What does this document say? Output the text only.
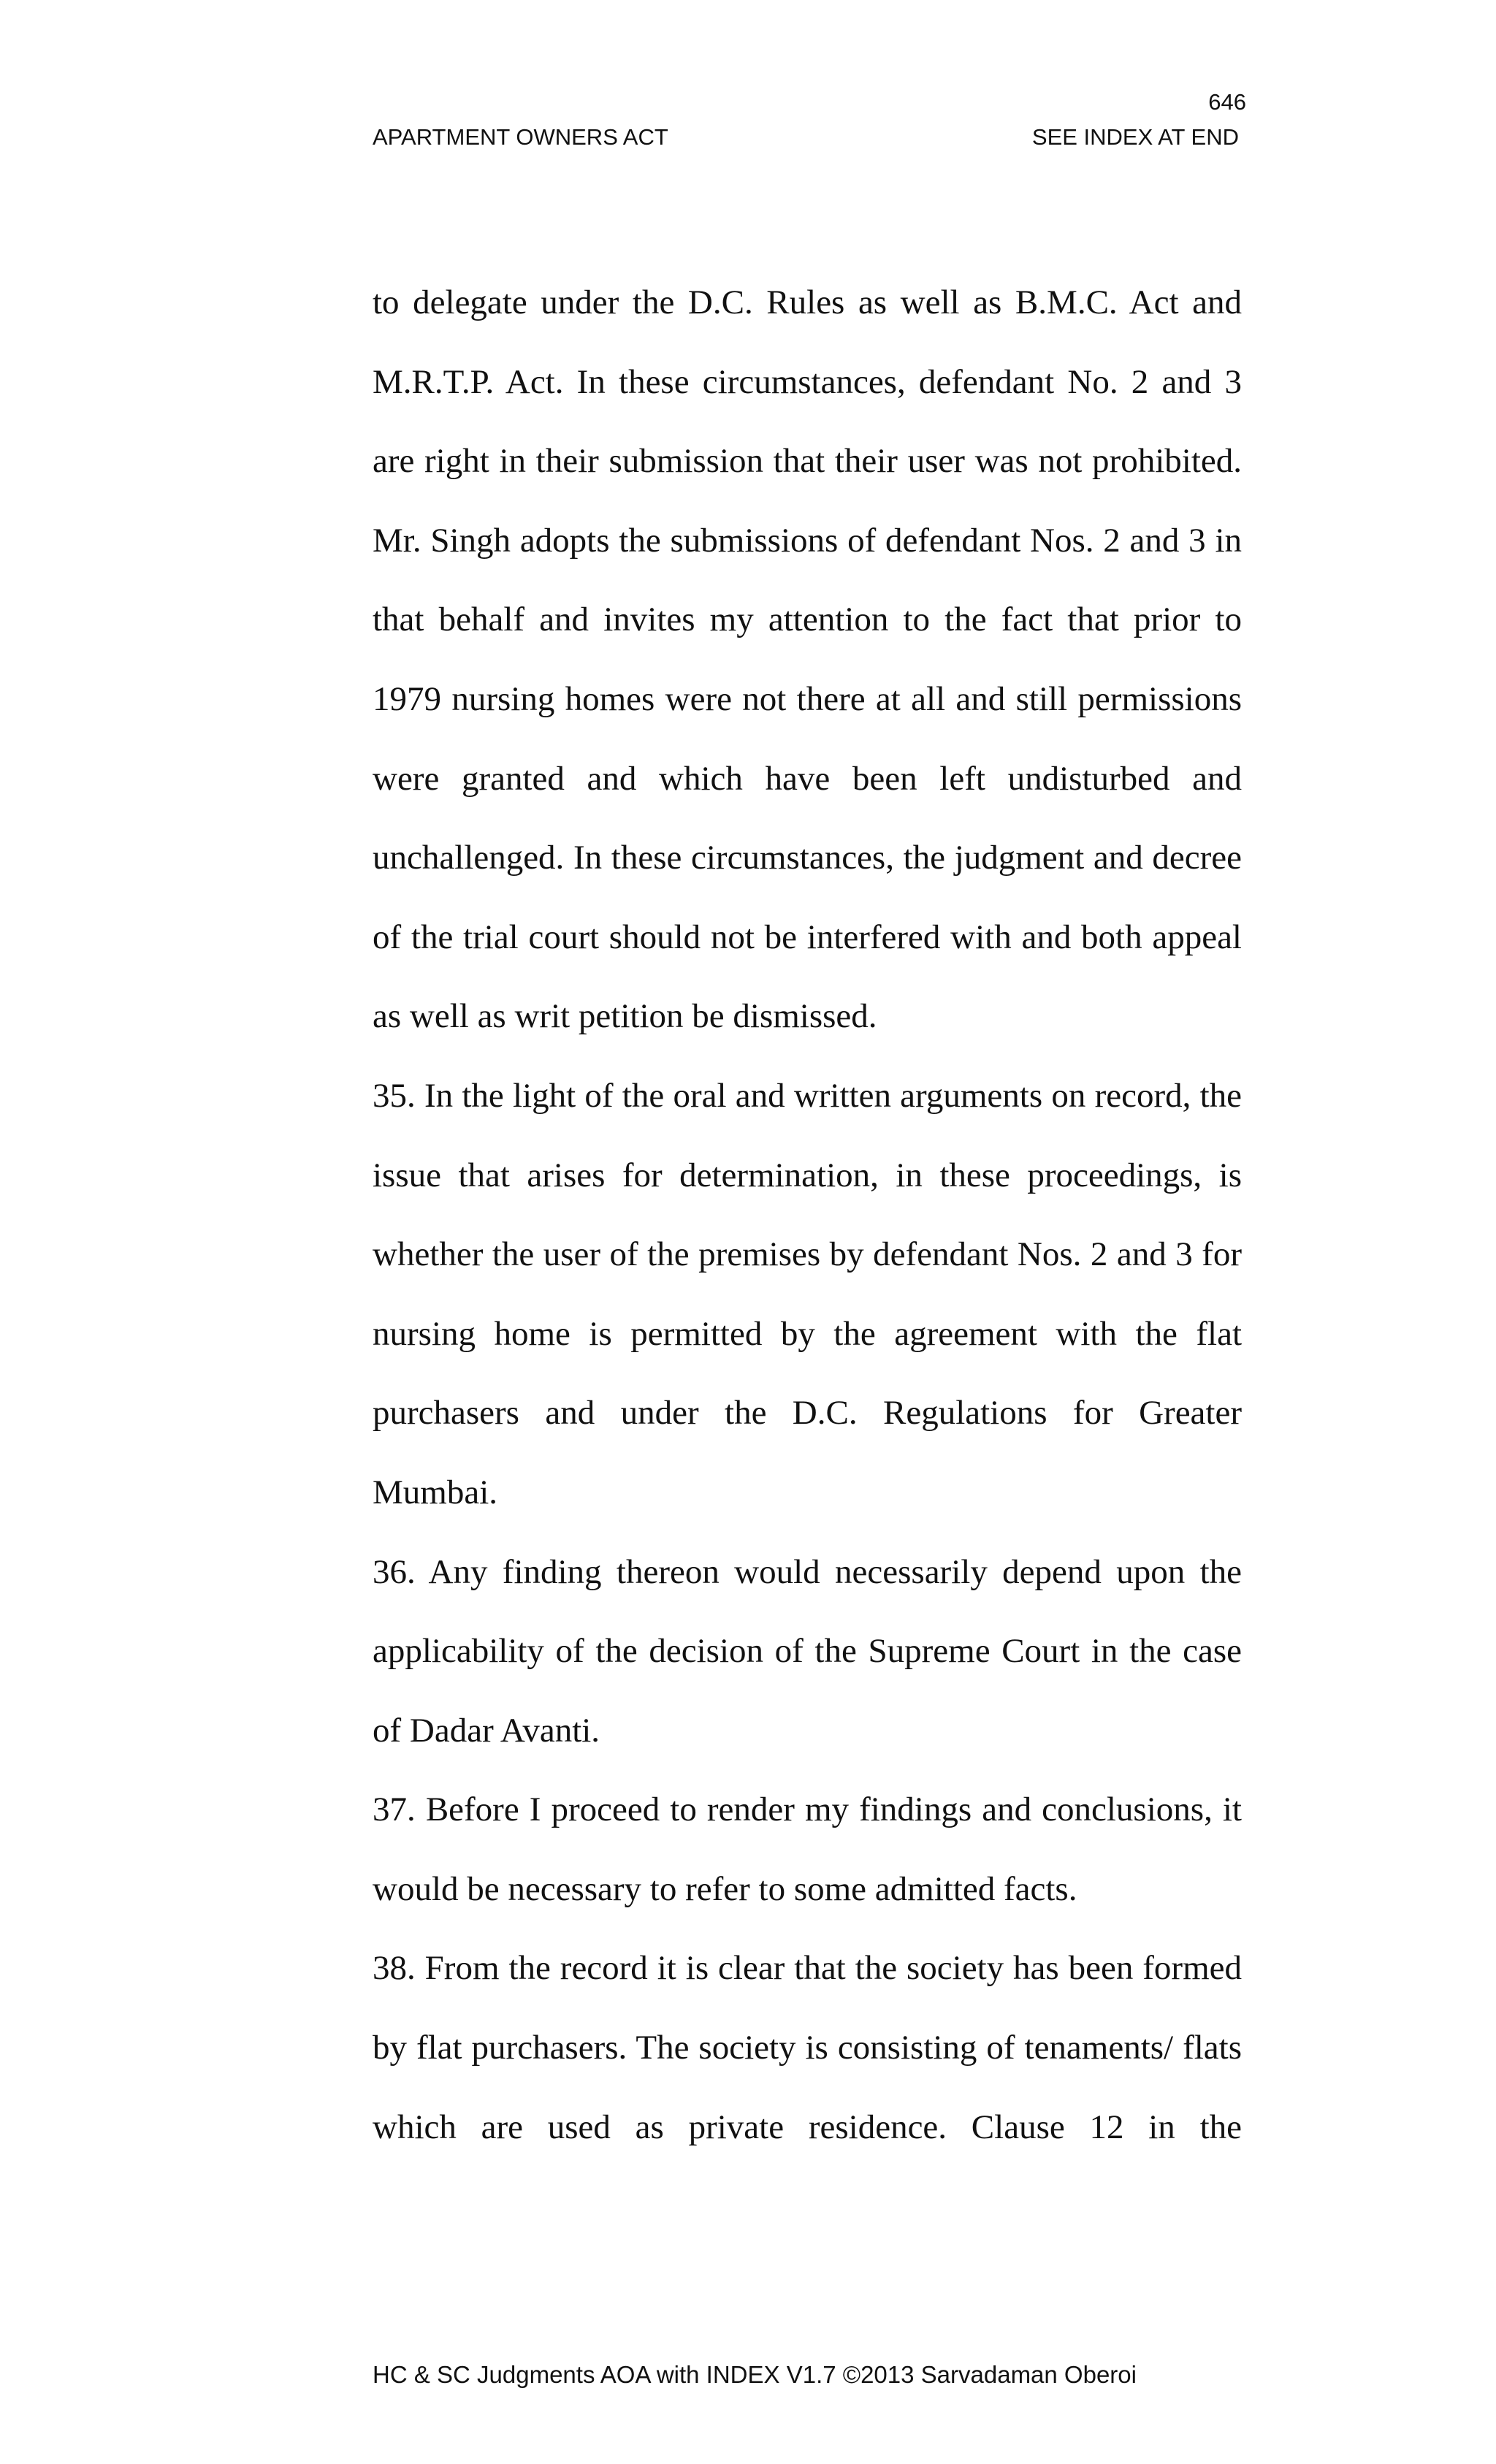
646
APARTMENT OWNERS ACT	SEE INDEX AT END

to delegate under the D.C. Rules as well as B.M.C. Act and M.R.T.P. Act. In these circumstances, defendant No. 2 and 3 are right in their submission that their user was not prohibited. Mr. Singh adopts the submissions of defendant Nos. 2 and 3 in that behalf and invites my attention to the fact that prior to 1979 nursing homes were not there at all and still permissions were granted and which have been left undisturbed and unchallenged. In these circumstances, the judgment and decree of the trial court should not be interfered with and both appeal as well as writ petition be dismissed.

35. In the light of the oral and written arguments on record, the issue that arises for determination, in these proceedings, is whether the user of the premises by defendant Nos. 2 and 3 for nursing home is permitted by the agreement with the flat purchasers and under the D.C. Regulations for Greater Mumbai.

36. Any finding thereon would necessarily depend upon the applicability of the decision of the Supreme Court in the case of Dadar Avanti.

37. Before I proceed to render my findings and conclusions, it would be necessary to refer to some admitted facts.

38. From the record it is clear that the society has been formed by flat purchasers. The society is consisting of tenaments/ flats which are used as private residence. Clause 12 in the

HC & SC Judgments AOA with INDEX V1.7 ©2013 Sarvadaman Oberoi
